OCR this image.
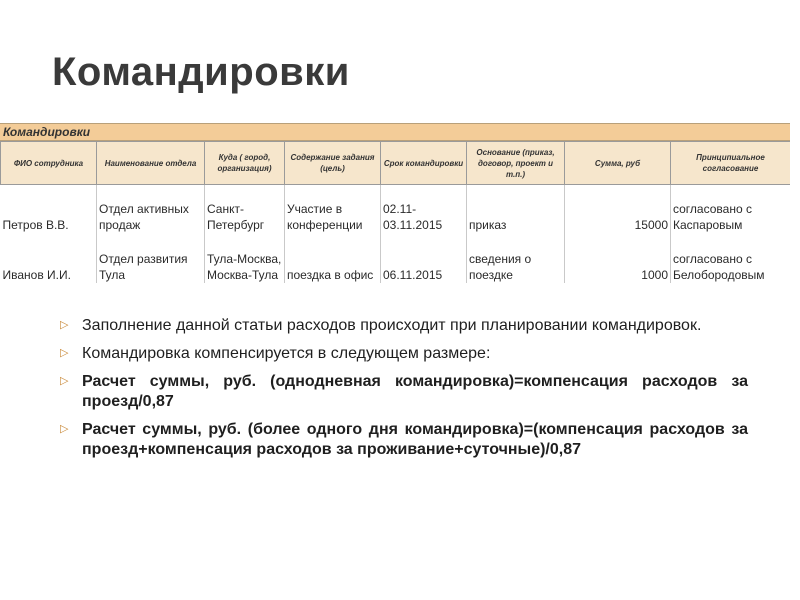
Командировки
Командировки
ФИО сотрудника	Наименование отдела	Куда ( город, организация)	Содержание задания (цель)	Срок командировки	Основание (приказ, договор, проект и т.п.)	Сумма, руб	Принципиальное согласование

Петров В.В.	Отдел активных продаж	Санкт-Петербург	Участие в конференции	02.11-03.11.2015	приказ	15000	согласовано с Каспаровым

Иванов И.И.	Отдел развития Тула	Тула-Москва, Москва-Тула	поездка в офис	06.11.2015	сведения о поездке	1000	согласовано с Белобородовым
▷ Заполнение данной статьи расходов происходит при планировании командировок.
▷ Командировка компенсируется в следующем размере:
▷ Расчет суммы, руб. (однодневная командировка)=компенсация расходов за проезд/0,87
▷ Расчет суммы, руб. (более одного дня командировка)=(компенсация расходов за проезд+компенсация расходов за проживание+суточные)/0,87
